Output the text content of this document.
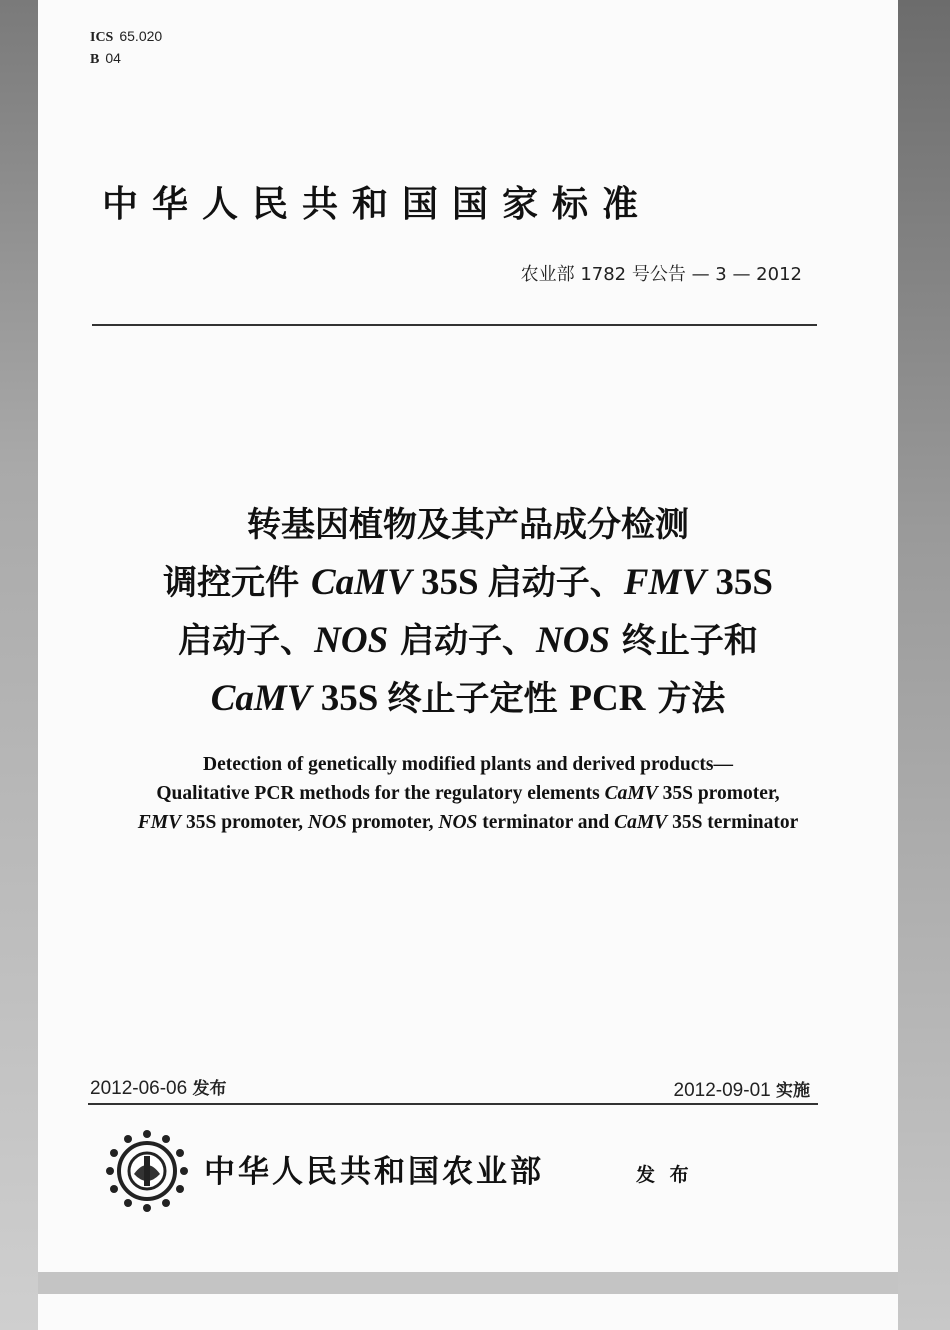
ICS 65.020
B 04
中华人民共和国国家标准
农业部 1782 号公告 — 3 — 2012
转基因植物及其产品成分检测
调控元件 CaMV 35S 启动子、FMV 35S
启动子、NOS 启动子、NOS 终止子和
CaMV 35S 终止子定性 PCR 方法
Detection of genetically modified plants and derived products—
Qualitative PCR methods for the regulatory elements CaMV 35S promoter,
FMV 35S promoter, NOS promoter, NOS terminator and CaMV 35S terminator
2012-06-06 发布	2012-09-01 实施
中华人民共和国农业部	发 布
